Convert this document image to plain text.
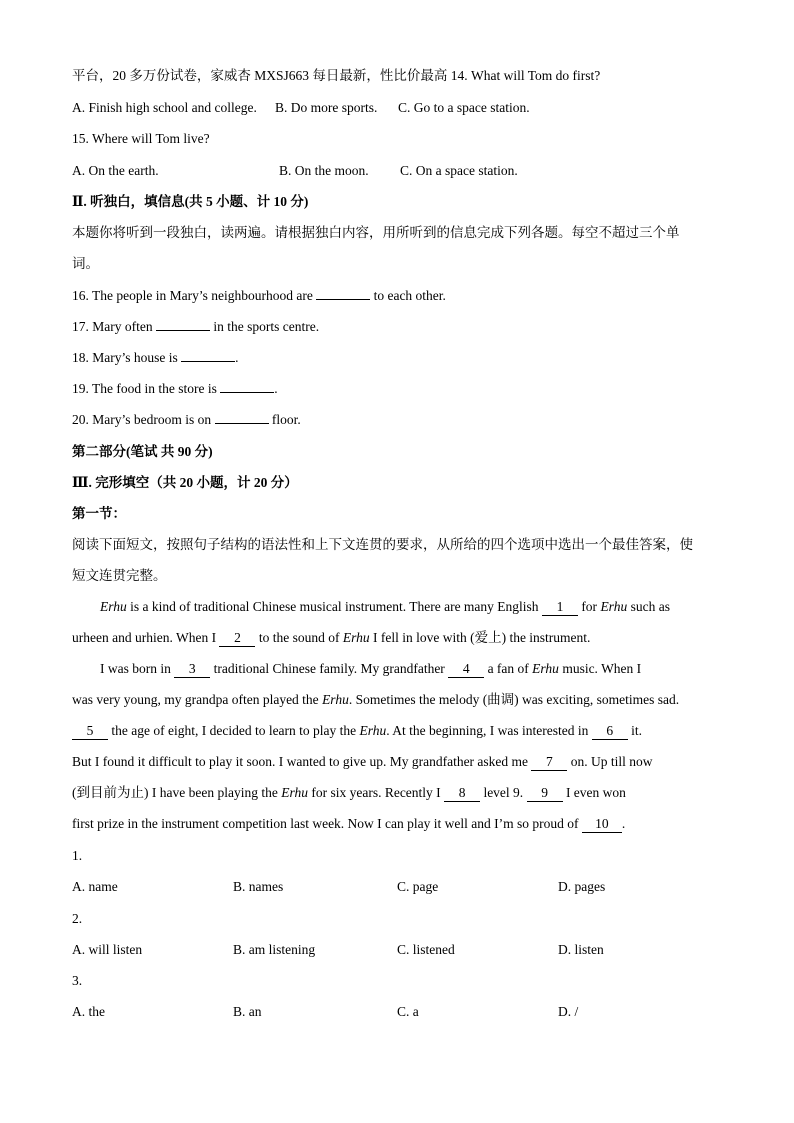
平台，20 多万份试卷，家威杏 MXSJ663 每日最新，性比价最高 14. What will Tom do first?
A. Finish high school and college. B. Do more sports. C. Go to a space station.
15. Where will Tom live?
A. On the earth.	B. On the moon. C. On a space station.
Ⅱ. 听独白，填信息(共 5 小题、计 10 分)
本题你将听到一段独白，读两遍。请根据独白内容，用所听到的信息完成下列各题。每空不超过三个单
词。
16. The people in Mary’s neighbourhood are	to each other.
17. Mary often	in the sports centre.
18. Mary’s house is	.
19. The food in the store is	.
20. Mary’s bedroom is on	floor.
第二部分(笔试 共 90 分)
Ⅲ. 完形填空（共 20 小题，计 20 分）
第一节：
阅读下面短文，按照句子结构的语法性和上下文连贯的要求，从所给的四个选项中选出一个最佳答案，使
短文连贯完整。
Erhu is a kind of traditional Chinese musical instrument. There are many English 1 for Erhu such as
urheen and urhien. When I 2 to the sound of Erhu I fell in love with (爱上) the instrument.
I was born in 3 traditional Chinese family. My grandfather 4 a fan of Erhu music. When I
was very young, my grandpa often played the Erhu. Sometimes the melody (曲调) was exciting, sometimes sad.
5 the age of eight, I decided to learn to play the Erhu. At the beginning, I was interested in 6 it.
But I found it difficult to play it soon. I wanted to give up. My grandfather asked me 7 on. Up till now
(到目前为止) I have been playing the Erhu for six years. Recently I 8 level 9. 9 I even won
first prize in the instrument competition last week. Now I can play it well and I’m so proud of 10 .
1.
A. name	B. names	C. page	D. pages
2.
A. will listen	B. am listening	C. listened	D. listen
3.
A. the	B. an	C. a	D. /
